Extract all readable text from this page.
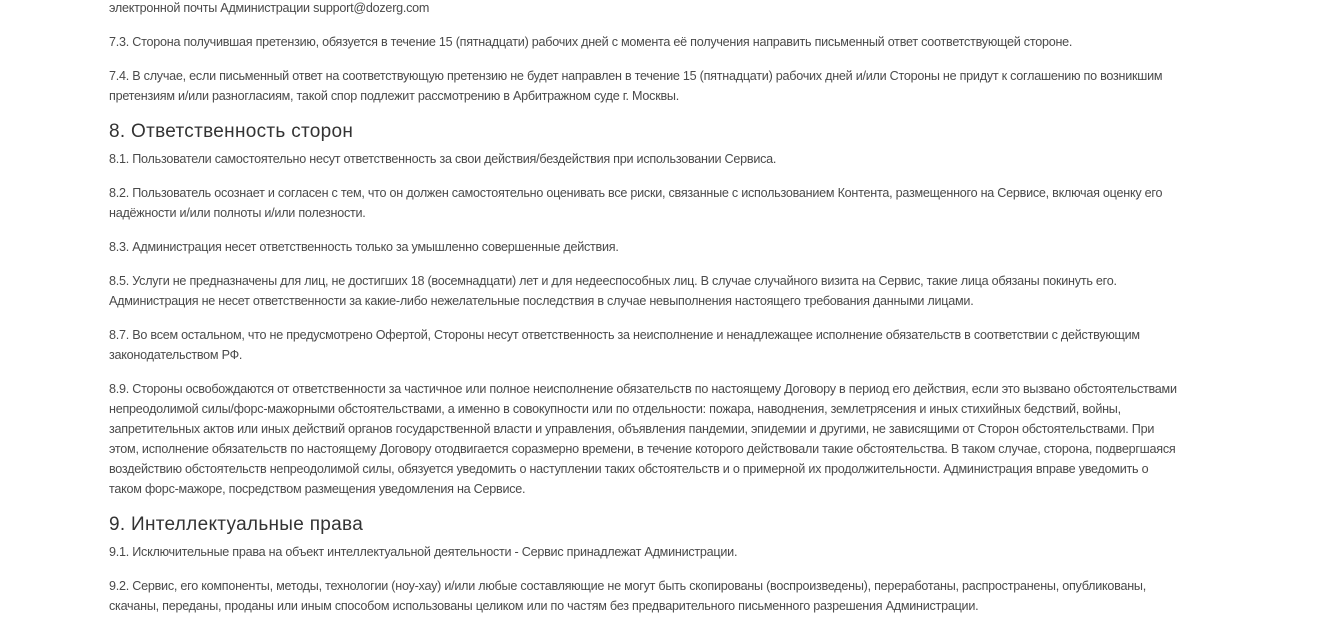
электронной почты Администрации support@dozerg.com

7.3. Сторона получившая претензию, обязуется в течение 15 (пятнадцати) рабочих дней с момента её получения направить письменный ответ соответствующей стороне.

7.4. В случае, если письменный ответ на соответствующую претензию не будет направлен в течение 15 (пятнадцати) рабочих дней и/или Стороны не придут к соглашению по возникшим
претензиям и/или разногласиям, такой спор подлежит рассмотрению в Арбитражном суде г. Москвы.

8. Ответственность сторон

8.1. Пользователи самостоятельно несут ответственность за свои действия/бездействия при использовании Сервиса.

8.2. Пользователь осознает и согласен с тем, что он должен самостоятельно оценивать все риски, связанные с использованием Контента, размещенного на Сервисе, включая оценку его
надёжности и/или полноты и/или полезности.

8.3. Администрация несет ответственность только за умышленно совершенные действия.

8.5. Услуги не предназначены для лиц, не достигших 18 (восемнадцати) лет и для недееспособных лиц. В случае случайного визита на Сервис, такие лица обязаны покинуть его.
Администрация не несет ответственности за какие-либо нежелательные последствия в случае невыполнения настоящего требования данными лицами.

8.7. Во всем остальном, что не предусмотрено Офертой, Стороны несут ответственность за неисполнение и ненадлежащее исполнение обязательств в соответствии с действующим
законодательством РФ.

8.9. Стороны освобождаются от ответственности за частичное или полное неисполнение обязательств по настоящему Договору в период его действия, если это вызвано обстоятельствами
непреодолимой силы/форс-мажорными обстоятельствами, а именно в совокупности или по отдельности: пожара, наводнения, землетрясения и иных стихийных бедствий, войны,
запретительных актов или иных действий органов государственной власти и управления, объявления пандемии, эпидемии и другими, не зависящими от Сторон обстоятельствами. При
этом, исполнение обязательств по настоящему Договору отодвигается соразмерно времени, в течение которого действовали такие обстоятельства. В таком случае, сторона, подвергшаяся
воздействию обстоятельств непреодолимой силы, обязуется уведомить о наступлении таких обстоятельств и о примерной их продолжительности. Администрация вправе уведомить о
таком форс-мажоре, посредством размещения уведомления на Сервисе.

9. Интеллектуальные права

9.1. Исключительные права на объект интеллектуальной деятельности - Сервис принадлежат Администрации.

9.2. Сервис, его компоненты, методы, технологии (ноу-хау) и/или любые составляющие не могут быть скопированы (воспроизведены), переработаны, распространены, опубликованы,
скачаны, переданы, проданы или иным способом использованы целиком или по частям без предварительного письменного разрешения Администрации.
